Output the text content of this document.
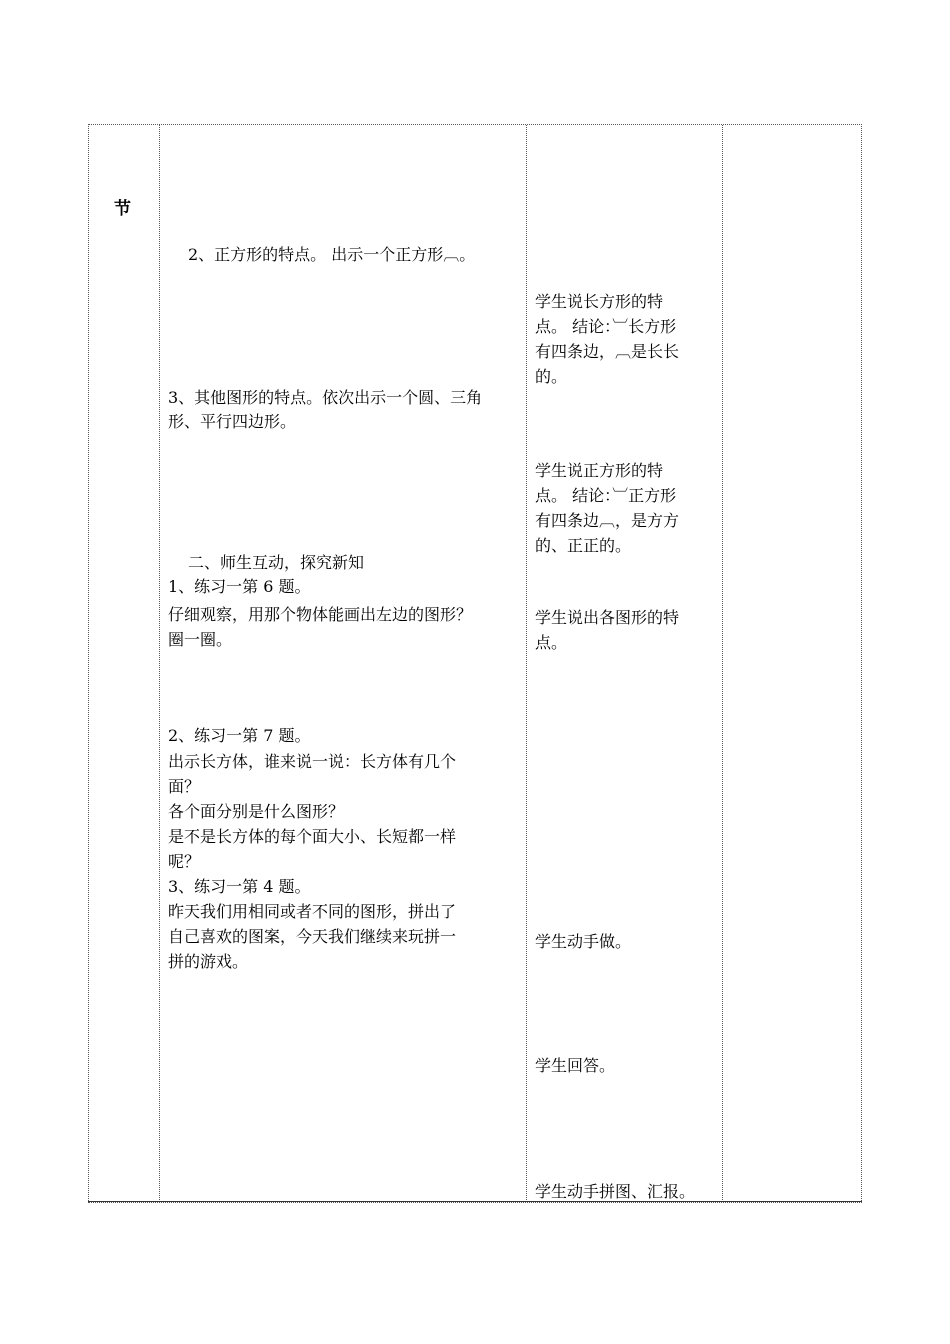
节
2、正方形的特点。 出示一个正方形︹。
3、其他图形的特点。依次出示一个圆、三角
形、平行四边形。
二、师生互动，探究新知
1、练习一第 6 题。
仔细观察，用那个物体能画出左边的图形？
圈一圈。
2、练习一第 7 题。
出示长方体，谁来说一说：长方体有几个
面？
各个面分别是什么图形？
是不是长方体的每个面大小、长短都一样
呢？
3、练习一第 4 题。
昨天我们用相同或者不同的图形，拼出了
自己喜欢的图案，今天我们继续来玩拼一
拼的游戏。
学生说长方形的特
点。 结论：︺长方形
有四条边，︹是长长
的。
学生说正方形的特
点。 结论：︺正方形
有四条边︹，是方方
的、正正的。
学生说出各图形的特
点。
学生动手做。
学生回答。
学生动手拼图、汇报。
